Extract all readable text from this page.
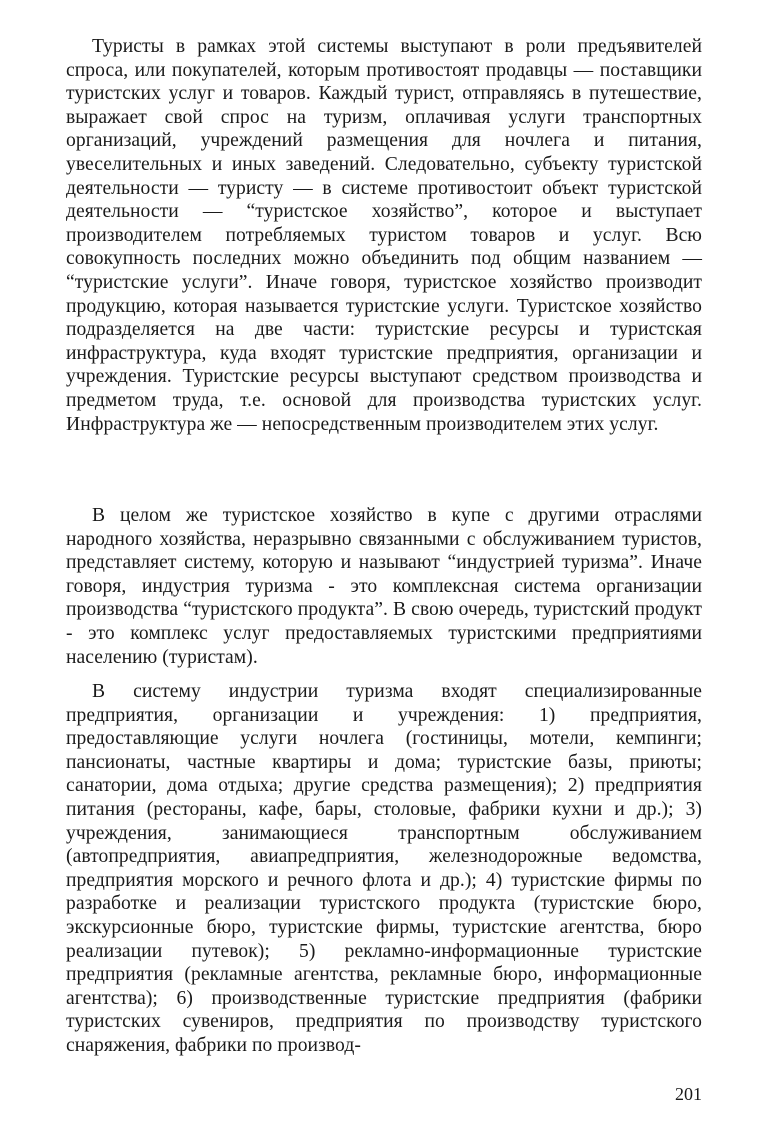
Туристы в рамках этой системы выступают в роли предъявителей спроса, или покупателей, которым противостоят продавцы — поставщики туристских услуг и товаров. Каждый турист, отправляясь в путешествие, выражает свой спрос на туризм, оплачивая услуги транспортных организаций, учреждений размещения для ночлега и питания, увеселительных и иных заведений. Следовательно, субъекту туристской деятельности — туристу — в системе противостоит объект туристской деятельности — “туристское хозяйство”, которое и выступает производителем потребляемых туристом товаров и услуг. Всю совокупность последних можно объединить под общим названием — “туристские услуги”. Иначе говоря, туристское хозяйство производит продукцию, которая называется туристские услуги. Туристское хозяйство подразделяется на две части: туристские ресурсы и туристская инфраструктура, куда входят туристские предприятия, организации и учреждения. Туристские ресурсы выступают средством производства и предметом труда, т.е. основой для производства туристских услуг. Инфраструктура же — непосредственным производителем этих услуг.

В целом же туристское хозяйство в купе с другими отраслями народного хозяйства, неразрывно связанными с обслуживанием туристов, представляет систему, которую и называют “индустрией туризма”. Иначе говоря, индустрия туризма - это комплексная система организации производства “туристского продукта”. В свою очередь, туристский продукт - это комплекс услуг предоставляемых туристскими предприятиями населению (туристам).

В систему индустрии туризма входят специализированные предприятия, организации и учреждения: 1) предприятия, предоставляющие услуги ночлега (гостиницы, мотели, кемпинги; пансионаты, частные квартиры и дома; туристские базы, приюты; санатории, дома отдыха; другие средства размещения); 2) предприятия питания (рестораны, кафе, бары, столовые, фабрики кухни и др.); 3) учреждения, занимающиеся транспортным обслуживанием (автопредприятия, авиапредприятия, железнодорожные ведомства, предприятия морского и речного флота и др.); 4) туристские фирмы по разработке и реализации туристского продукта (туристские бюро, экскурсионные бюро, туристские фирмы, туристские агентства, бюро реализации путевок); 5) рекламно-информационные туристские предприятия (рекламные агентства, рекламные бюро, информационные агентства); 6) производственные туристские предприятия (фабрики туристских сувениров, предприятия по производству туристского снаряжения, фабрики по производ-

201
